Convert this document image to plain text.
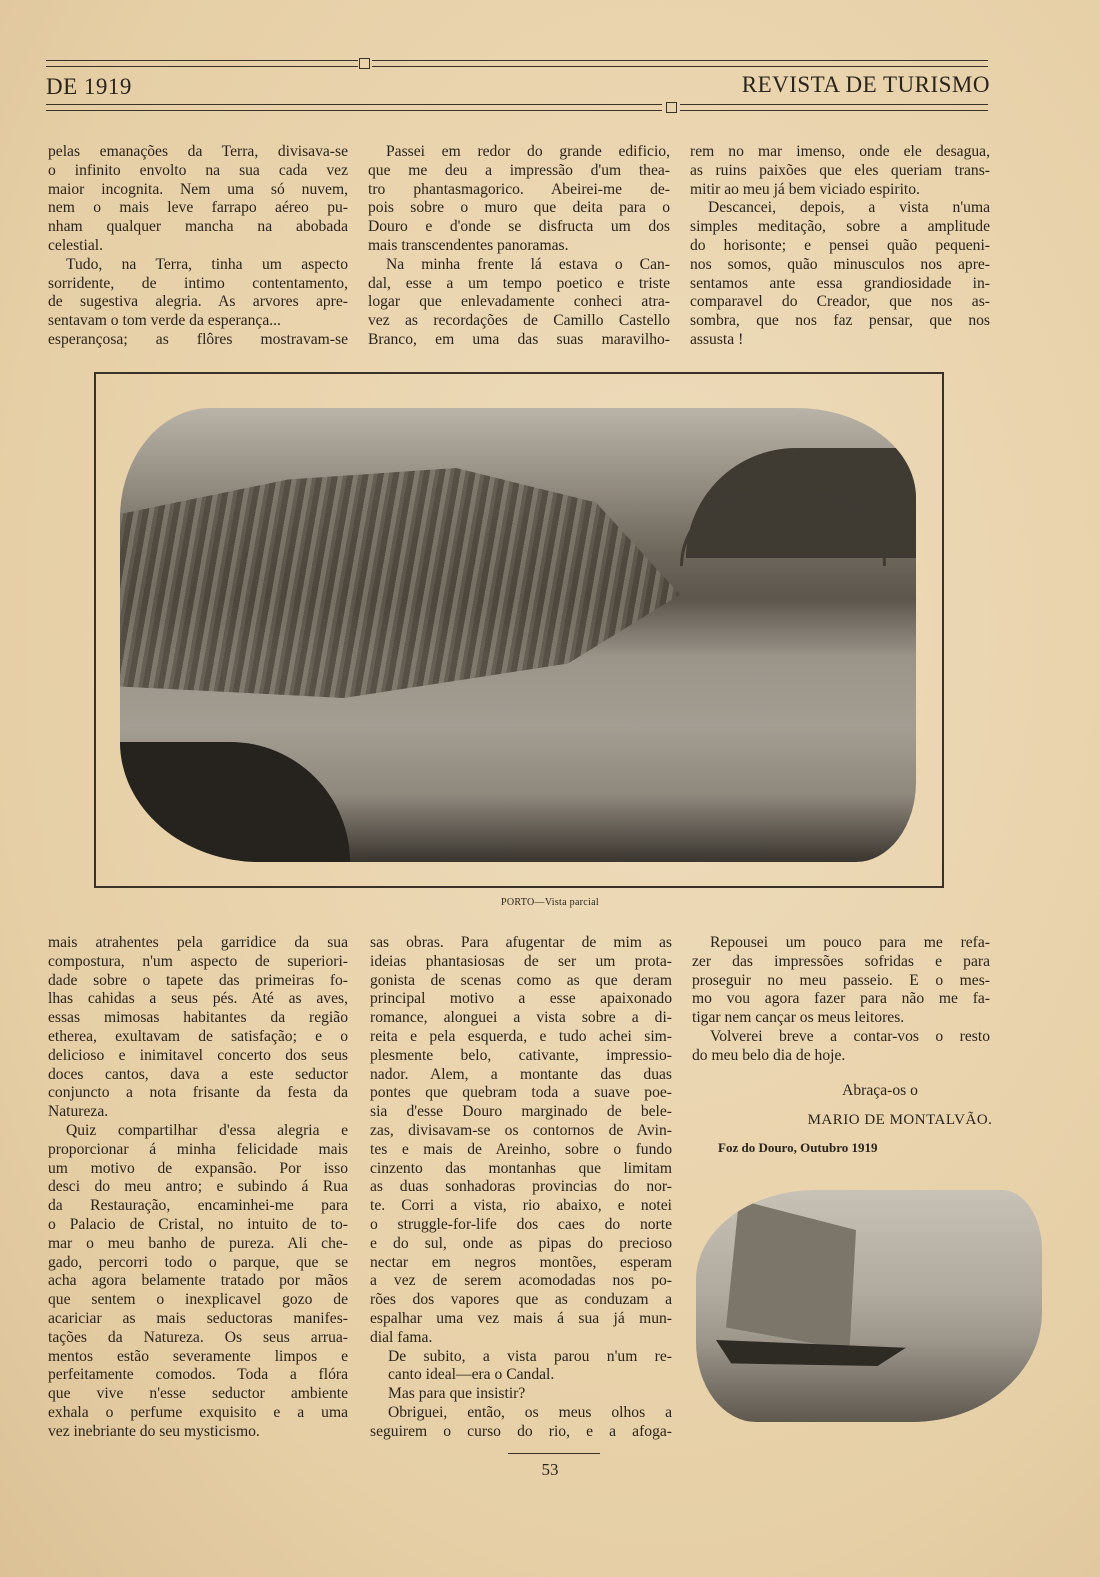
DE 1919	REVISTA DE TURISMO
pelas emanações da Terra, divisava-se
o infinito envolto na sua cada vez
maior incognita. Nem uma só nuvem,
nem o mais leve farrapo aéreo pu-
nham qualquer mancha na abobada
celestial.
Tudo, na Terra, tinha um aspecto
sorridente, de intimo contentamento,
de sugestiva alegria. As arvores apre-
sentavam o tom verde da esperança...
esperançosa; as flôres mostravam-se
Passei em redor do grande edificio,
que me deu a impressão d'um thea-
tro phantasmagorico. Abeirei-me de-
pois sobre o muro que deita para o
Douro e d'onde se disfructa um dos
mais transcendentes panoramas.
Na minha frente lá estava o Can-
dal, esse a um tempo poetico e triste
logar que enlevadamente conheci atra-
vez as recordações de Camillo Castello
Branco, em uma das suas maravilho-
rem no mar imenso, onde ele desagua,
as ruins paixões que eles queriam trans-
mitir ao meu já bem viciado espirito.
Descancei, depois, a vista n'uma
simples meditação, sobre a amplitude
do horisonte; e pensei quão pequeni-
nos somos, quão minusculos nos apre-
sentamos ante essa grandiosidade in-
comparavel do Creador, que nos as-
sombra, que nos faz pensar, que nos
assusta !
PORTO—Vista parcial
mais atrahentes pela garridice da sua
compostura, n'um aspecto de superiori-
dade sobre o tapete das primeiras fo-
lhas cahidas a seus pés. Até as aves,
essas mimosas habitantes da região
etherea, exultavam de satisfação; e o
delicioso e inimitavel concerto dos seus
doces cantos, dava a este seductor
conjuncto a nota frisante da festa da
Natureza.
Quiz compartilhar d'essa alegria e
proporcionar á minha felicidade mais
um motivo de expansão. Por isso
desci do meu antro; e subindo á Rua
da Restauração, encaminhei-me para
o Palacio de Cristal, no intuito de to-
mar o meu banho de pureza. Ali che-
gado, percorri todo o parque, que se
acha agora belamente tratado por mãos
que sentem o inexplicavel gozo de
acariciar as mais seductoras manifes-
tações da Natureza. Os seus arrua-
mentos estão severamente limpos e
perfeitamente comodos. Toda a flóra
que vive n'esse seductor ambiente
exhala o perfume exquisito e a uma
vez inebriante do seu mysticismo.
sas obras. Para afugentar de mim as
ideias phantasiosas de ser um prota-
gonista de scenas como as que deram
principal motivo a esse apaixonado
romance, alonguei a vista sobre a di-
reita e pela esquerda, e tudo achei sim-
plesmente belo, cativante, impressio-
nador. Alem, a montante das duas
pontes que quebram toda a suave poe-
sia d'esse Douro marginado de bele-
zas, divisavam-se os contornos de Avin-
tes e mais de Areinho, sobre o fundo
cinzento das montanhas que limitam
as duas sonhadoras provincias do nor-
te. Corri a vista, rio abaixo, e notei
o struggle-for-life dos caes do norte
e do sul, onde as pipas do precioso
nectar em negros montões, esperam
a vez de serem acomodadas nos po-
rões dos vapores que as conduzam a
espalhar uma vez mais á sua já mun-
dial fama.
De subito, a vista parou n'um re-
canto ideal—era o Candal.
Mas para que insistir?
Obriguei, então, os meus olhos a
seguirem o curso do rio, e a afoga-
Repousei um pouco para me refa-
zer das impressões sofridas e para
proseguir no meu passeio. E o mes-
mo vou agora fazer para não me fa-
tigar nem cançar os meus leitores.
Volverei breve a contar-vos o resto
do meu belo dia de hoje.
Abraça-os o
MARIO DE MONTALVÃO.
Foz do Douro, Outubro 1919
53
